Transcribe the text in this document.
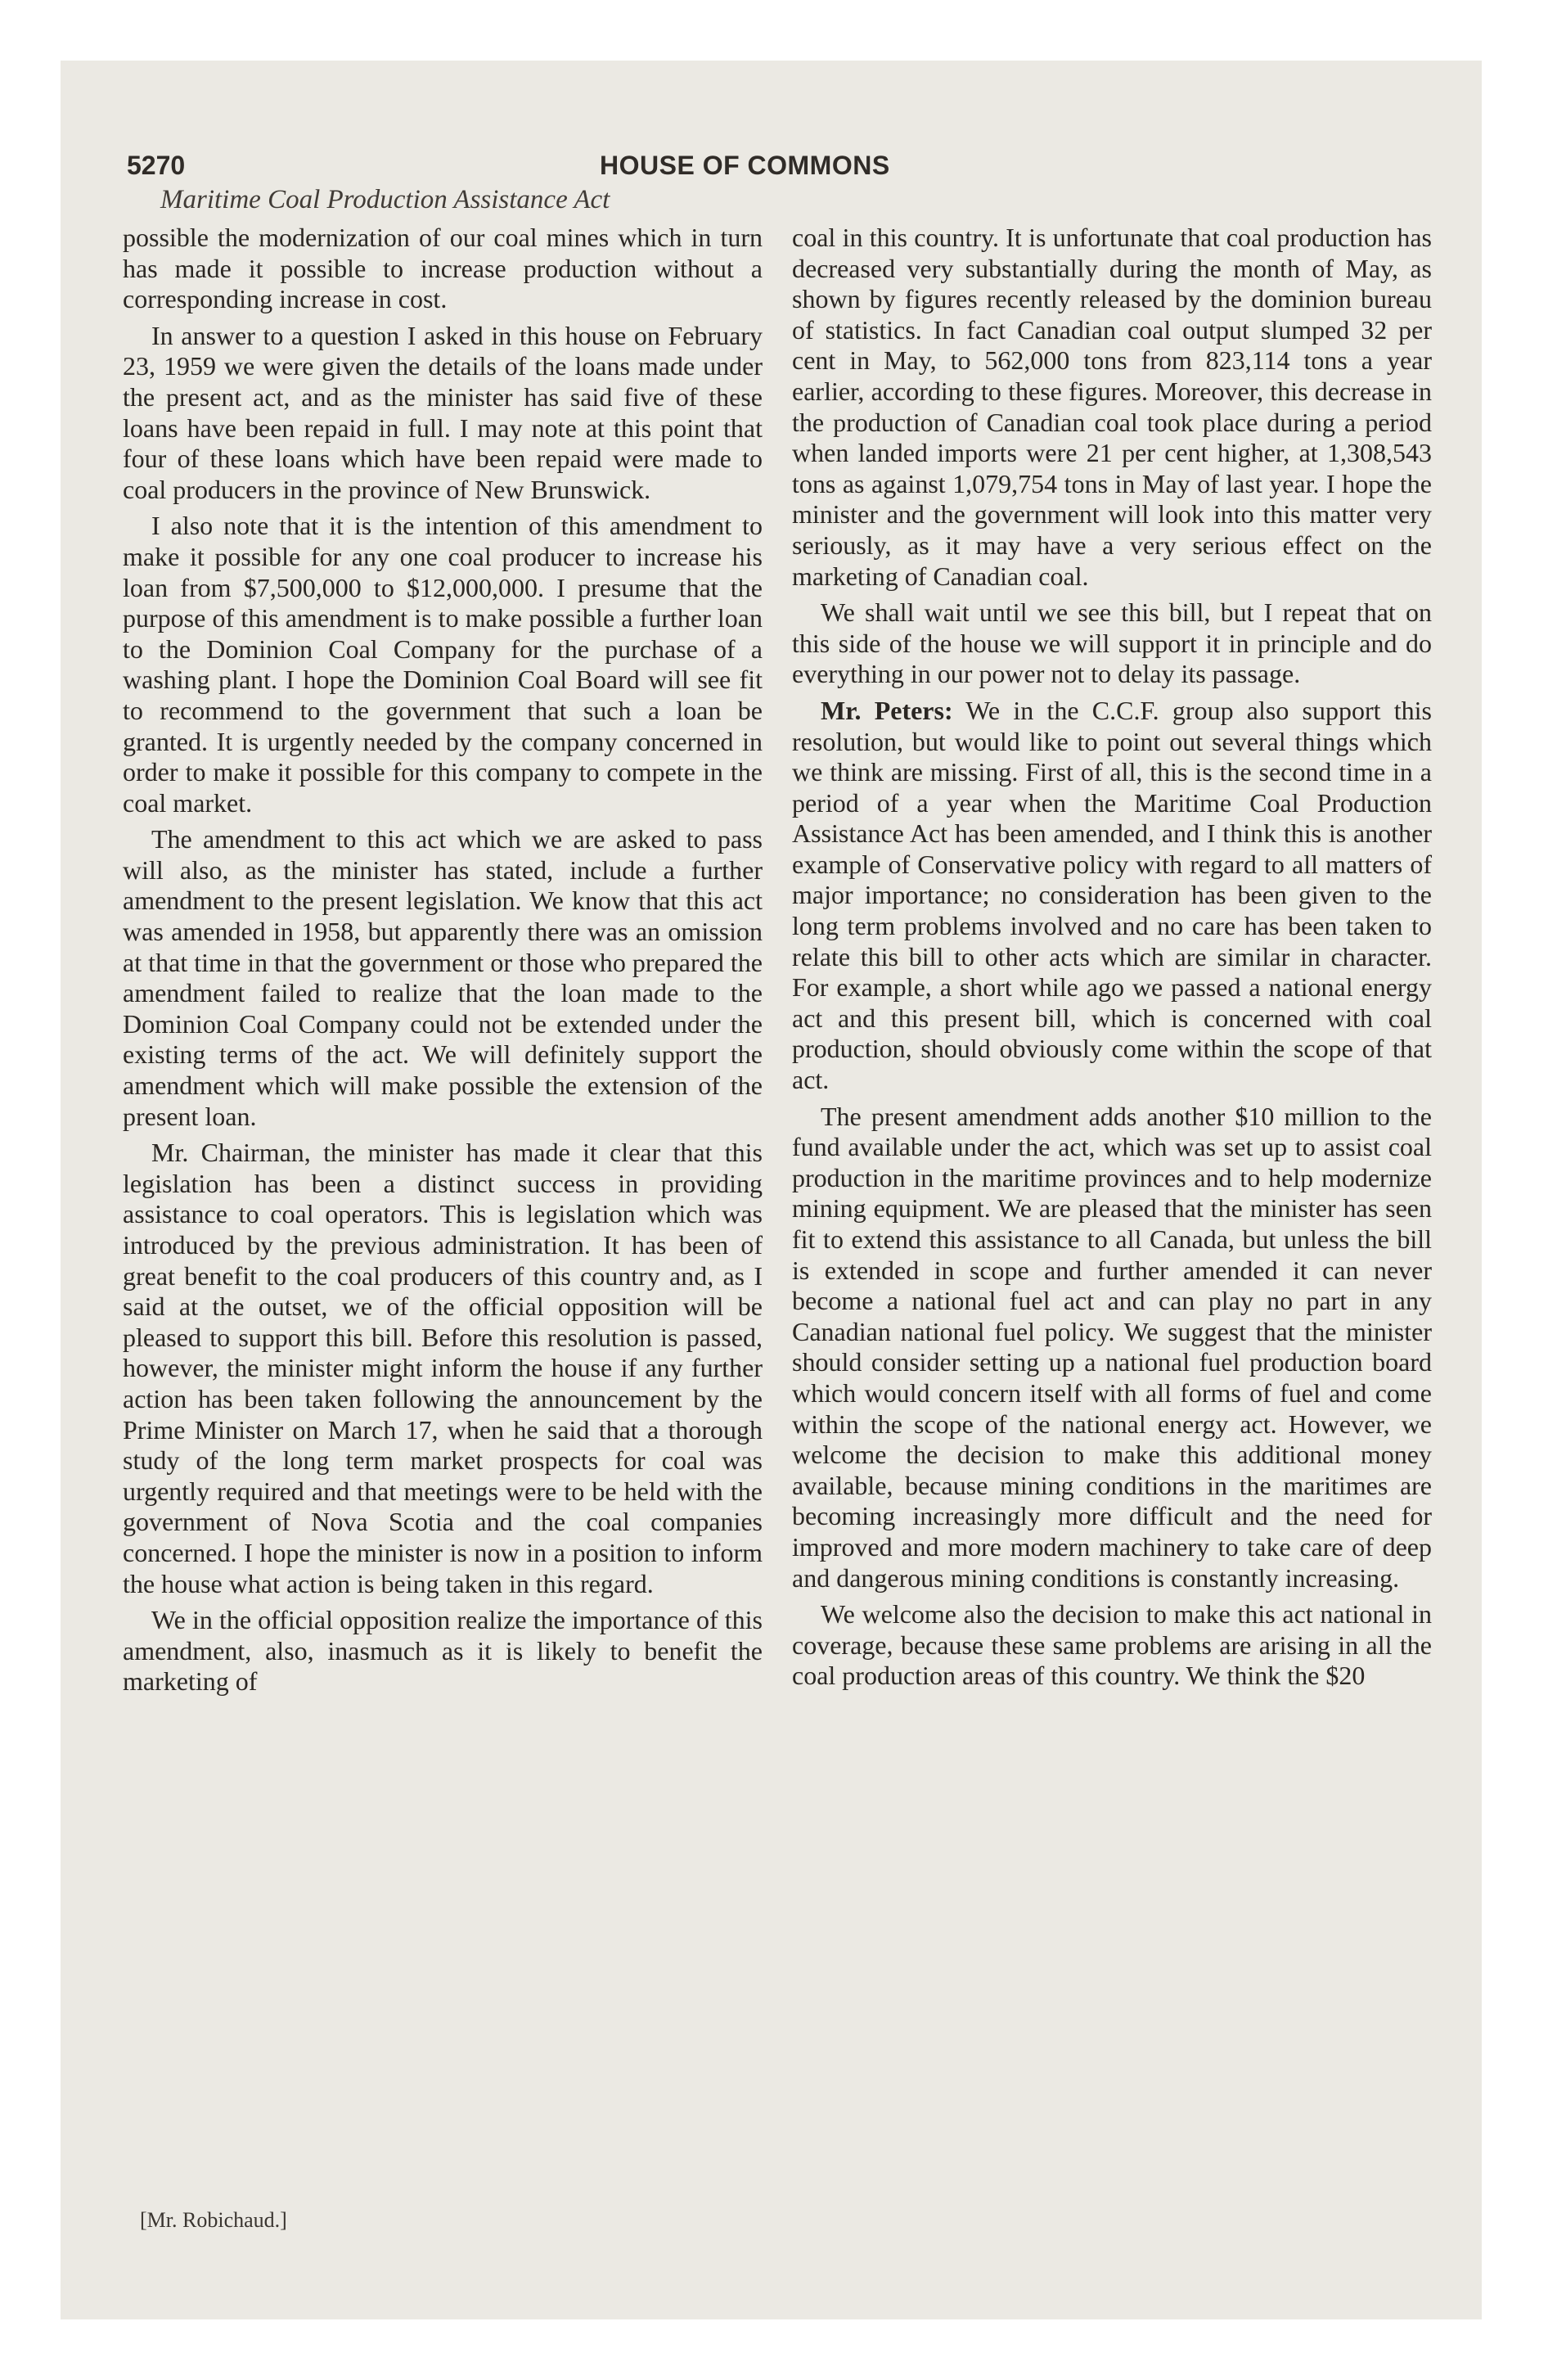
5270	HOUSE OF COMMONS
Maritime Coal Production Assistance Act

possible the modernization of our coal mines which in turn has made it possible to increase production without a corresponding increase in cost.

In answer to a question I asked in this house on February 23, 1959 we were given the details of the loans made under the present act, and as the minister has said five of these loans have been repaid in full. I may note at this point that four of these loans which have been repaid were made to coal producers in the province of New Brunswick.

I also note that it is the intention of this amendment to make it possible for any one coal producer to increase his loan from $7,500,000 to $12,000,000. I presume that the purpose of this amendment is to make possible a further loan to the Dominion Coal Company for the purchase of a washing plant. I hope the Dominion Coal Board will see fit to recommend to the government that such a loan be granted. It is urgently needed by the company concerned in order to make it possible for this company to compete in the coal market.

The amendment to this act which we are asked to pass will also, as the minister has stated, include a further amendment to the present legislation. We know that this act was amended in 1958, but apparently there was an omission at that time in that the government or those who prepared the amendment failed to realize that the loan made to the Dominion Coal Company could not be extended under the existing terms of the act. We will definitely support the amendment which will make possible the extension of the present loan.

Mr. Chairman, the minister has made it clear that this legislation has been a distinct success in providing assistance to coal operators. This is legislation which was introduced by the previous administration. It has been of great benefit to the coal producers of this country and, as I said at the outset, we of the official opposition will be pleased to support this bill. Before this resolution is passed, however, the minister might inform the house if any further action has been taken following the announcement by the Prime Minister on March 17, when he said that a thorough study of the long term market prospects for coal was urgently required and that meetings were to be held with the government of Nova Scotia and the coal companies concerned. I hope the minister is now in a position to inform the house what action is being taken in this regard.

We in the official opposition realize the importance of this amendment, also, inasmuch as it is likely to benefit the marketing of

coal in this country. It is unfortunate that coal production has decreased very substantially during the month of May, as shown by figures recently released by the dominion bureau of statistics. In fact Canadian coal output slumped 32 per cent in May, to 562,000 tons from 823,114 tons a year earlier, according to these figures. Moreover, this decrease in the production of Canadian coal took place during a period when landed imports were 21 per cent higher, at 1,308,543 tons as against 1,079,754 tons in May of last year. I hope the minister and the government will look into this matter very seriously, as it may have a very serious effect on the marketing of Canadian coal.

We shall wait until we see this bill, but I repeat that on this side of the house we will support it in principle and do everything in our power not to delay its passage.

Mr. Peters: We in the C.C.F. group also support this resolution, but would like to point out several things which we think are missing. First of all, this is the second time in a period of a year when the Maritime Coal Production Assistance Act has been amended, and I think this is another example of Conservative policy with regard to all matters of major importance; no consideration has been given to the long term problems involved and no care has been taken to relate this bill to other acts which are similar in character. For example, a short while ago we passed a national energy act and this present bill, which is concerned with coal production, should obviously come within the scope of that act.

The present amendment adds another $10 million to the fund available under the act, which was set up to assist coal production in the maritime provinces and to help modernize mining equipment. We are pleased that the minister has seen fit to extend this assistance to all Canada, but unless the bill is extended in scope and further amended it can never become a national fuel act and can play no part in any Canadian national fuel policy. We suggest that the minister should consider setting up a national fuel production board which would concern itself with all forms of fuel and come within the scope of the national energy act. However, we welcome the decision to make this additional money available, because mining conditions in the maritimes are becoming increasingly more difficult and the need for improved and more modern machinery to take care of deep and dangerous mining conditions is constantly increasing.

We welcome also the decision to make this act national in coverage, because these same problems are arising in all the coal production areas of this country. We think the $20

[Mr. Robichaud.]
